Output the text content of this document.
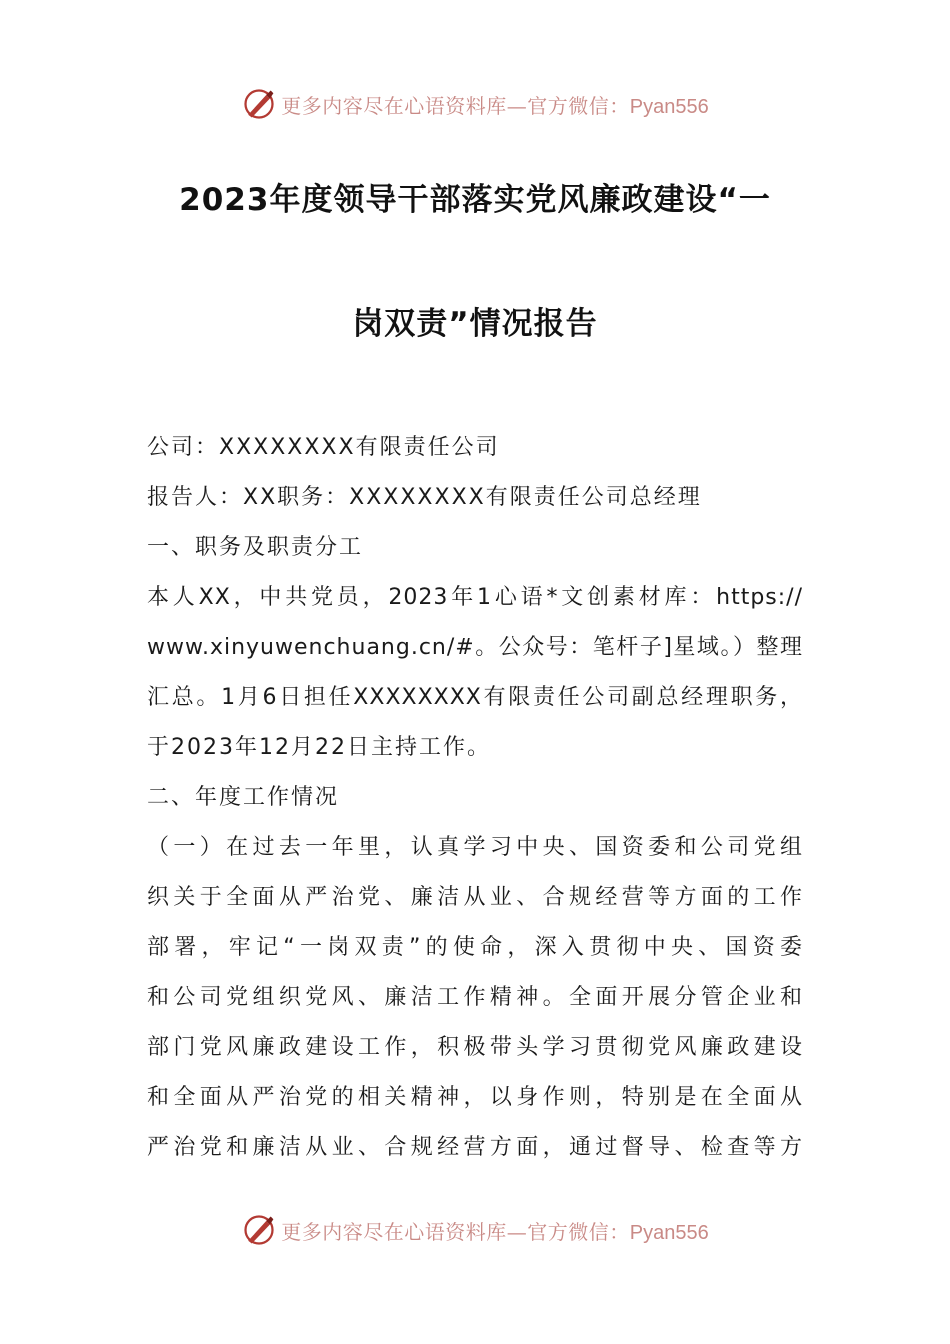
更多内容尽在心语资料库—官方微信：Pyan556
2023年度领导干部落实党风廉政建设“一
岗双责”情况报告
公司：XXXXXXXX有限责任公司
报告人：XX职务：XXXXXXXX有限责任公司总经理
一、职务及职责分工
本人XX，中共党员，2023年1心语*文创素材库：https://
www.xinyuwenchuang.cn/#。公众号：笔杆子]星域。）整理
汇总。1月6日担任XXXXXXXX有限责任公司副总经理职务，
于2023年12月22日主持工作。
二、年度工作情况
（一）在过去一年里，认真学习中央、国资委和公司党组
织关于全面从严治党、廉洁从业、合规经营等方面的工作
部署，牢记“一岗双责”的使命，深入贯彻中央、国资委
和公司党组织党风、廉洁工作精神。全面开展分管企业和
部门党风廉政建设工作，积极带头学习贯彻党风廉政建设
和全面从严治党的相关精神，以身作则，特别是在全面从
严治党和廉洁从业、合规经营方面，通过督导、检查等方
更多内容尽在心语资料库—官方微信：Pyan556
